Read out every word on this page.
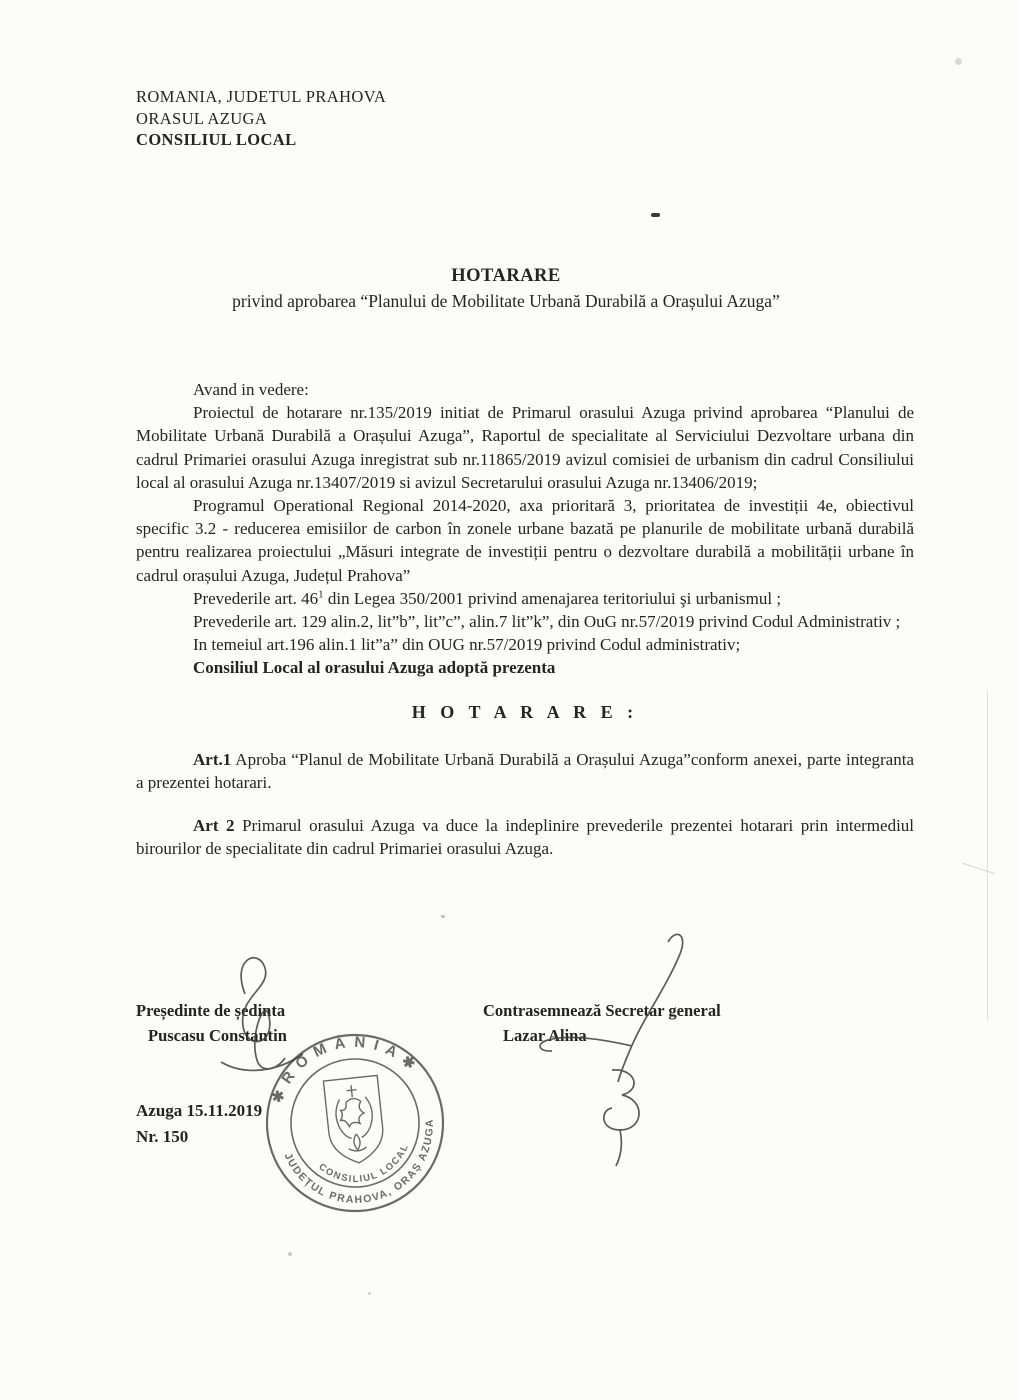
ROMANIA, JUDETUL PRAHOVA
ORASUL AZUGA
CONSILIUL LOCAL
HOTARARE
privind aprobarea “Planului de Mobilitate Urbană Durabilă a Orașului Azuga”

Avand in vedere:

Proiectul de hotarare nr.135/2019 initiat de Primarul orasului Azuga privind aprobarea “Planului de Mobilitate Urbană Durabilă a Orașului Azuga”, Raportul de specialitate al Serviciului Dezvoltare urbana din cadrul Primariei orasului Azuga inregistrat sub nr.11865/2019 avizul comisiei de urbanism din cadrul Consiliului local al orasului Azuga nr.13407/2019 si avizul Secretarului orasului Azuga nr.13406/2019;

Programul Operational Regional 2014-2020, axa prioritară 3, prioritatea de investiții 4e, obiectivul specific 3.2 - reducerea emisiilor de carbon în zonele urbane bazată pe planurile de mobilitate urbană durabilă pentru realizarea proiectului „Măsuri integrate de investiții pentru o dezvoltare durabilă a mobilității urbane în cadrul orașului Azuga, Județul Prahova”

Prevederile art. 46$^1$ din Legea 350/2001 privind amenajarea teritoriului şi urbanismul ;

Prevederile art. 129 alin.2, lit”b”, lit”c”, alin.7 lit”k”, din OuG nr.57/2019 privind Codul Administrativ ;

In temeiul art.196 alin.1 lit”a” din OUG nr.57/2019 privind Codul administrativ;

Consiliul Local al orasului Azuga adoptă prezenta

H O T A R A R E :

Art.1 Aproba “Planul de Mobilitate Urbană Durabilă a Orașului Azuga”conform anexei, parte integranta a prezentei hotarari.

Art 2 Primarul orasului Azuga va duce la indeplinire prevederile prezentei hotarari prin intermediul birourilor de specialitate din cadrul Primariei orasului Azuga.

Președinte de ședinta
Puscasu Constantin
Contrasemnează Secretar general
Lazar Alina
Azuga 15.11.2019
Nr. 150
✱ R O M Â N I A ✱
JUDEȚUL PRAHOVA, ORAȘ AZUGA
CONSILIUL LOCAL
